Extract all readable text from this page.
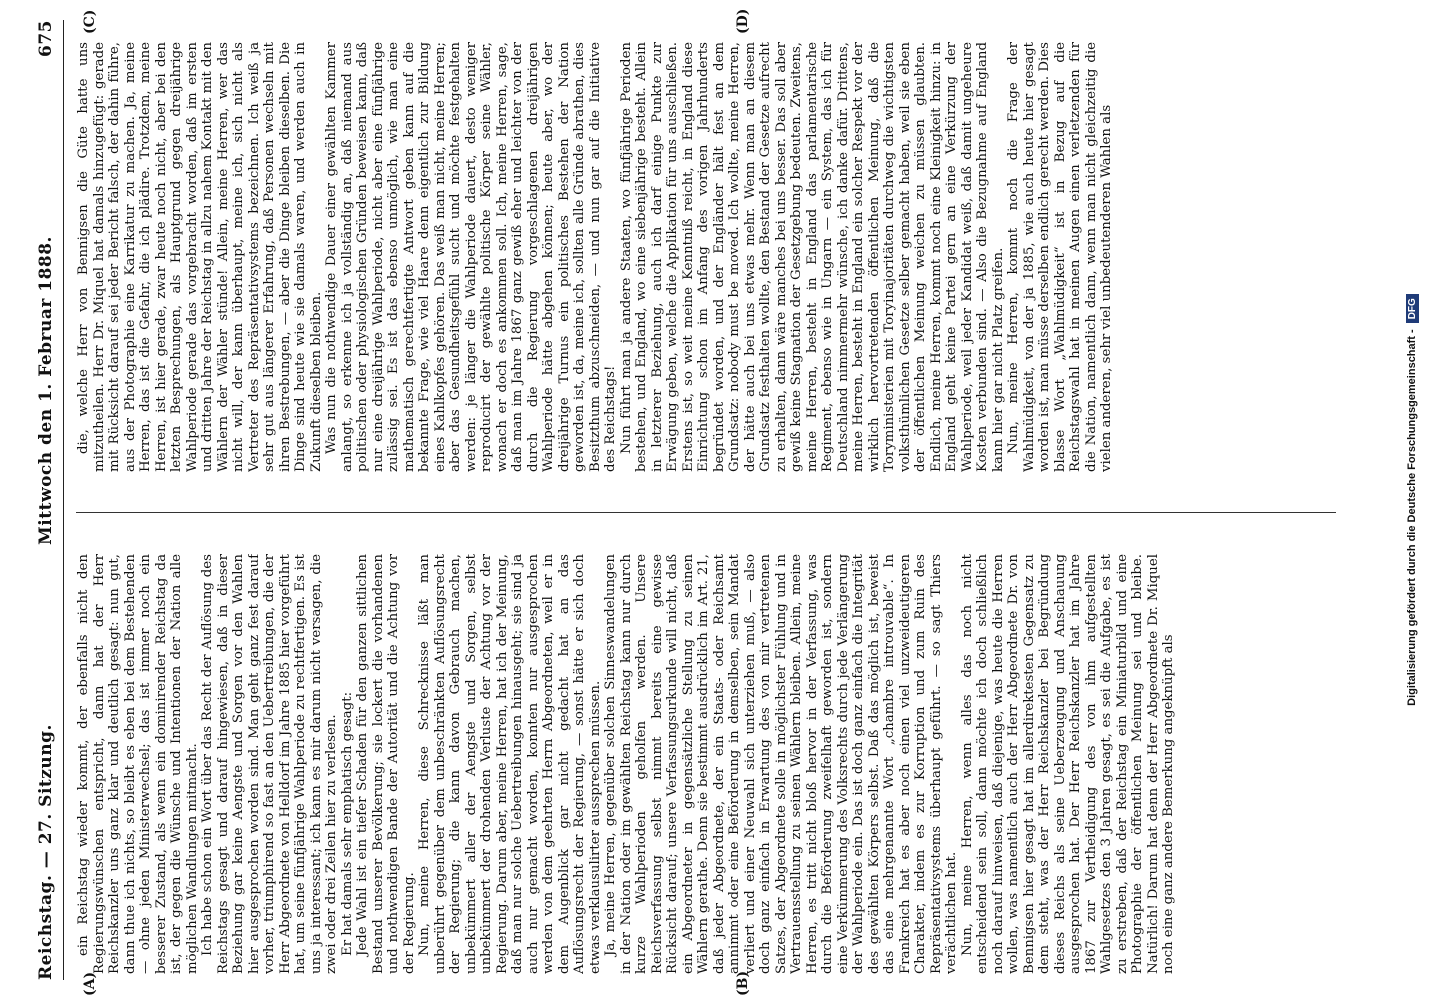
Reichstag. — 27. Sitzung.
Mittwoch den 1. Februar 1888.
675
(A)	(B)
(C)	(D)

ein Reichstag wieder kommt, der ebenfalls nicht den Regierungswünschen entspricht, dann hat der Herr Reichskanzler uns ganz klar und deutlich gesagt: nun gut, dann thue ich nichts, so bleibt es eben bei dem Bestehenden — ohne jeden Ministerwechsel; das ist immer noch ein besserer Zustand, als wenn ein dominirender Reichstag da ist, der gegen die Wünsche und Intentionen der Nation alle möglichen Wandlungen mitmacht. Ich habe schon ein Wort über das Recht der Auflösung des Reichstags gesagt und darauf hingewiesen, daß in dieser Beziehung gar keine Aengste und Sorgen vor den Wahlen hier ausgesprochen worden sind. Man geht ganz fest darauf vorher, triumphirend so fast an den Uebertreibungen, die der Herr Abgeordnete von Helldorf im Jahre 1885 hier vorgeführt hat, um seine fünfjährige Wahlperiode zu rechtfertigen. Es ist uns ja interessant; ich kann es mir darum nicht versagen, die zwei oder drei Zeilen hier zu verlesen. Er hat damals sehr emphatisch gesagt: Jede Wahl ist ein tiefer Schaden für den ganzen sittlichen Bestand unserer Bevölkerung; sie lockert die vorhandenen und nothwendigen Bande der Autorität und die Achtung vor der Regierung. Nun, meine Herren, diese Schrecknisse läßt man unberührt gegenüber dem unbeschränkten Auflösungsrecht der Regierung; die kann davon Gebrauch machen, unbekümmert aller der Aengste und Sorgen, selbst unbekümmert der drohenden Verluste der Achtung vor der Regierung. Darum aber, meine Herren, hat ich der Meinung, daß man nur solche Uebertreibungen hinausgeht; sie sind ja auch nur gemacht worden, konnten nur ausgesprochen werden von dem geehrten Herrn Abgeordneten, weil er in dem Augenblick gar nicht gedacht hat an das Auflösungsrecht der Regierung, — sonst hätte er sich doch etwas verklausulirter aussprechen müssen. Ja, meine Herren, gegenüber solchen Sinneswandelungen in der Nation oder im gewählten Reichstag kann nur durch kurze Wahlperioden geholfen werden. Unsere Reichsverfassung selbst nimmt bereits eine gewisse Rücksicht darauf; unsere Verfassungsurkunde will nicht, daß ein Abgeordneter in gegensätzliche Stellung zu seinen Wählern gerathe. Denn sie bestimmt ausdrücklich im Art. 21, daß jeder Abgeordnete, der ein Staats- oder Reichsamt annimmt oder eine Beförderung in demselben, sein Mandat verliert und einer Neuwahl sich unterziehen muß, — also doch ganz einfach in Erwartung des von mir vertretenen Satzes, der Abgeordnete solle in möglichster Fühlung und in Vertrauensstellung zu seinen Wählern bleiben. Allein, meine Herren, es tritt nicht bloß hervor in der Verfassung, was durch die Beförderung zweifelhaft geworden ist, sondern eine Verkümmerung des Volksrechts durch jede Verlängerung der Wahlperiode ein. Das ist doch ganz einfach die Integrität des gewählten Körpers selbst. Daß das möglich ist, beweist das eine mehrgenannte Wort „chambre introuvable“. In Frankreich hat es aber noch einen viel unzweideutigeren Charakter, indem es zur Korruption und zum Ruin des Repräsentativsystems überhaupt geführt. — so sagt Thiers verächtlichen hat. Nun, meine Herren, wenn alles das noch nicht entscheidend sein soll, dann möchte ich doch schließlich noch darauf hinweisen, daß diejenige, was heute die Herren wollen, was namentlich auch der Herr Abgeordnete Dr. von Bennigsen hier gesagt hat im allerdirektesten Gegensatz zu dem steht, was der Herr Reichskanzler bei Begründung dieses Reichs als seine Ueberzeugung und Anschauung ausgesprochen hat. Der Herr Reichskanzler hat im Jahre 1867 zur Vertheidigung des von ihm aufgestellten Wahlgesetzes den 3 Jahren gesagt, es sei die Aufgabe, es ist zu erstreben, daß der Reichstag ein Miniaturbild und eine Photographie der öffentlichen Meinung sei und bleibe. Natürlich! Darum hat denn der Herr Abgeordnete Dr. Miquel noch eine ganz andere Bemerkung angeknüpft als

die, welche Herr von Bennigsen die Güte hatte uns mitzutheilen. Herr Dr. Miquel hat damals hinzugefügt: gerade mit Rücksicht darauf sei jeder Bericht falsch, der dahin führe, aus der Photographie eine Karrikatur zu machen. Ja, meine Herren, das ist die Gefahr, die ich plädire. Trotzdem, meine Herren, ist hier gerade, zwar heute noch nicht, aber bei den letzten Besprechungen, als Hauptgrund gegen dreijährige Wahlperiode gerade das vorgebracht worden, daß im ersten und dritten Jahre der Reichstag in allzu nahem Kontakt mit den Wählern der Wähler stünde! Allein, meine Herren, wer das nicht will, der kann überhaupt, meine ich, sich nicht als Vertreter des Repräsentativsystems bezeichnen. Ich weiß ja sehr gut aus längerer Erfahrung, daß Personen wechseln mit ihren Bestrebungen, — aber die Dinge bleiben dieselben. Die Dinge sind heute wie sie damals waren, und werden auch in Zukunft dieselben bleiben. Was nun die nothwendige Dauer einer gewählten Kammer anlangt, so erkenne ich ja vollständig an, daß niemand aus politischen oder physiologischen Gründen beweisen kann, daß nur eine dreijährige Wahlperiode, nicht aber eine fünfjährige zulässig sei. Es ist das ebenso unmöglich, wie man eine mathematisch gerechtfertigte Antwort geben kann auf die bekannte Frage, wie viel Haare denn eigentlich zur Bildung eines Kahlkopfes gehören. Das weiß man nicht, meine Herren; aber das Gesundheitsgefühl sucht und möchte festgehalten werden: je länger die Wahlperiode dauert, desto weniger reproducirt der gewählte politische Körper seine Wähler, wonach er doch es ankommen soll. Ich, meine Herren, sage, daß man im Jahre 1867 ganz gewiß eher und leichter von der durch die Regierung vorgeschlagenen dreijährigen Wahlperiode hätte abgehen können; heute aber, wo der dreijährige Turnus ein politisches Bestehen der Nation geworden ist, da, meine ich, sollten alle Gründe abrathen, dies Besitzthum abzuschneiden, — und nun gar auf die Initiative des Reichstags! Nun führt man ja andere Staaten, wo fünfjährige Perioden bestehen, und England, wo eine siebenjährige besteht. Allein in letzterer Beziehung, auch ich darf einige Punkte zur Erwägung geben, welche die Applikation für uns ausschließen. Erstens ist, so weit meine Kenntniß reicht, in England diese Einrichtung schon im Anfang des vorigen Jahrhunderts begründet worden, und der Engländer hält fest an dem Grundsatz: nobody must be moved. Ich wollte, meine Herren, der hätte auch bei uns etwas mehr. Wenn man an diesem Grundsatz festhalten wollte, den Bestand der Gesetze aufrecht zu erhalten, dann wäre manches bei uns besser. Das soll aber gewiß keine Stagnation der Gesetzgebung bedeuten. Zweitens, meine Herren, besteht in England das parlamentarische Regiment, ebenso wie in Ungarn — ein System, das ich für Deutschland nimmermehr wünsche, ich danke dafür. Drittens, meine Herren, besteht in England ein solcher Respekt vor der wirklich hervortretenden öffentlichen Meinung, daß die Toryministerien mit Toryinajoritäten durchweg die wichtigsten volksthümlichen Gesetze selber gemacht haben, weil sie eben der öffentlichen Meinung weichen zu müssen glaubten. Endlich, meine Herren, kommt noch eine Kleinigkeit hinzu: in England geht keine Partei gern an eine Verkürzung der Wahlperiode, weil jeder Kandidat weiß, daß damit ungeheure Kosten verbunden sind. — Also die Bezugnahme auf England kann hier gar nicht Platz greifen. Nun, meine Herren, kommt noch die Frage der Wahlmüdigkeit, von der ja 1885, wie auch heute hier gesagt worden ist, man müsse derselben endlich gerecht werden. Dies blasse Wort „Wahlmüdigkeit“ ist in Bezug auf die Reichstagswahl hat in meinen Augen einen verletzenden für die Nation, namentlich dann, wenn man nicht gleichzeitig die vielen anderen, sehr viel unbedeutenderen Wahlen als

Digitalisierung gefördert durch die Deutsche Forschungsgemeinschaft -
DFG
